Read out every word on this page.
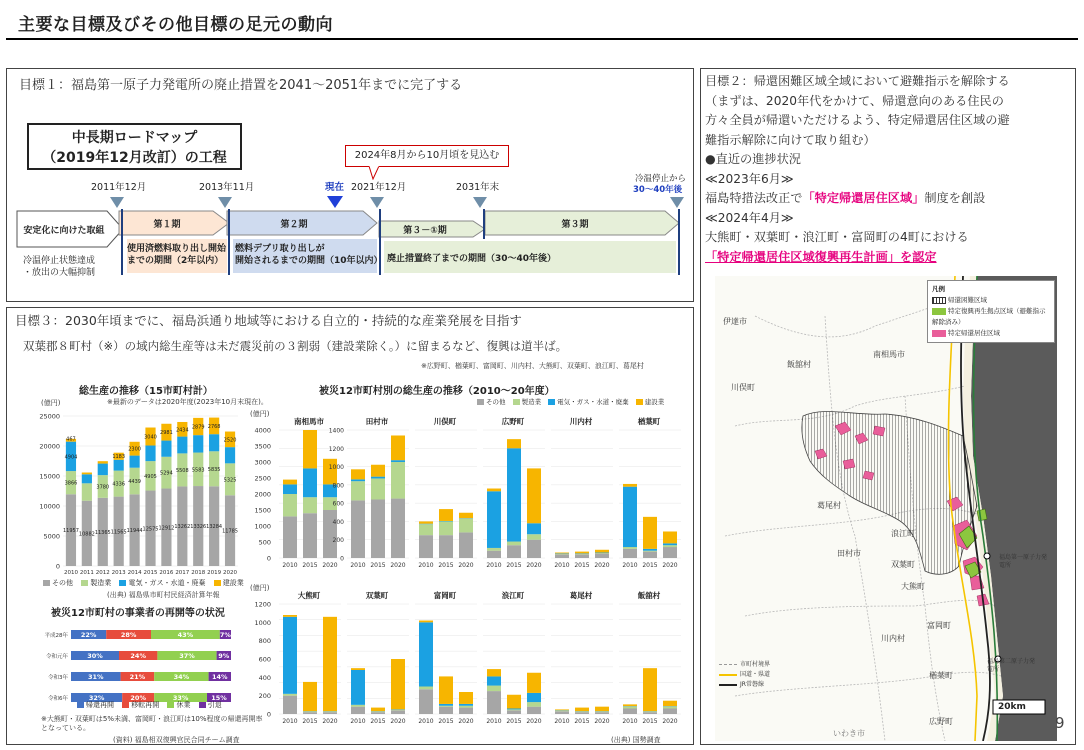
主要な目標及びその他目標の足元の動向
目標１：福島第一原子力発電所の廃止措置を2041～2051年までに完了する
中長期ロードマップ
（2019年12月改訂）の工程	2024年8月から10月頃を見込む
2011年12月	2013年11月	現在 2021年12月	2031年末
冷温停止から
30～40年後
安定化に向けた取組
第１期	第２期
第３－①期
第３期
冷温停止状態達成
・放出の大幅抑制
使用済燃料取り出し開始
までの期間（2年以内）
燃料デブリ取り出しが
開始されるまでの期間（10年以内） 廃止措置終了までの期間（30～40年後）
目標３：2030年頃までに、福島浜通り地域等における自立的・持続的な産業発展を目指す
双葉郡８町村（※）の域内総生産等は未だ震災前の３割弱（建設業除く。）に留まるなど、復興は道半ば。
※広野町、楢葉町、富岡町、川内村、大熊町、双葉町、浪江町、葛尾村
総生産の推移（15市町村計）
※最新のデータは2020年度(2023年10月末現在)。
(億円)
0
5000
10000
15000
20000
25000
11957
3866
4904
467
2010
10882
2011
11365
3780
2012
11565
4336
1183
2013
11944
4439
2300
2014
12575
4905
3040
2015
12912
5294
2981
2016
13262
5508
2434
2017
13326
5583
2879
2018
13284
5835
2768
2019
11785
5325
2520
2020
その他 製造業 電気・ガス・水道・廃棄 建設業
(出典) 福島県市町村民経済計算年報
被災12市町村の事業者の再開等の状況
平成28年 22%	28%	43%	7%
令和元年	30%	24%	37%	9%
令和3年	31%	21%	34%	14%
令和6年	32%	20%	33%	15%
帰還再開 移転再開 休業 引退
※大熊町・双葉町は5%未満、富岡町・浪江町は10%程度の帰還再開率
となっている。
(資料) 福島相双復興官民合同チーム調査
被災12市町村別の総生産の推移（2010～20年度）
その他 製造業 電気・ガス・水道・廃棄 建設業
(億円)
(億円)
0
500
1000
1500
2000
2500
3000
3500
4000
南相馬市
2010 2015 2020
0
200
400
600
800
1000
1200
1400
田村市
2010 2015 2020
川俣町
2010 2015 2020
広野町
2010 2015 2020
川内村
2010 2015 2020
楢葉町
2010 2015 2020
0
200
400
600
800
1000
1200
大熊町
2010 2015 2020
双葉町
2010 2015 2020
富岡町
2010 2015 2020
浪江町
2010 2015 2020
葛尾村
2010 2015 2020
飯舘村
2010 2015 2020
(出典) 国勢調査
目標２：帰還困難区域全域において避難指示を解除する
（まずは、2020年代をかけて、帰還意向のある住民の
方々全員が帰還いただけるよう、特定帰還居住区域の避
難指示解除に向けて取り組む）
●直近の進捗状況
≪2023年6月≫
福島特措法改正で「特定帰還居住区域」制度を創設
≪2024年4月≫
大熊町・双葉町・浪江町・富岡町の4町における
「特定帰還居住区域復興再生計画」を認定
凡例
帰還困難区域
特定復興再生拠点区域（避難指示解除済み）
特定帰還居住区域
伊達市
飯舘村
南相馬市
川俣町
葛尾村
浪江町
田村市
双葉町
大熊町
川内村
富岡町
楢葉町
広野町
いわき市
福島第一原子力発電所
福島第二原子力発電所
市町村境界
国道・県道
JR常磐線
20km
9
